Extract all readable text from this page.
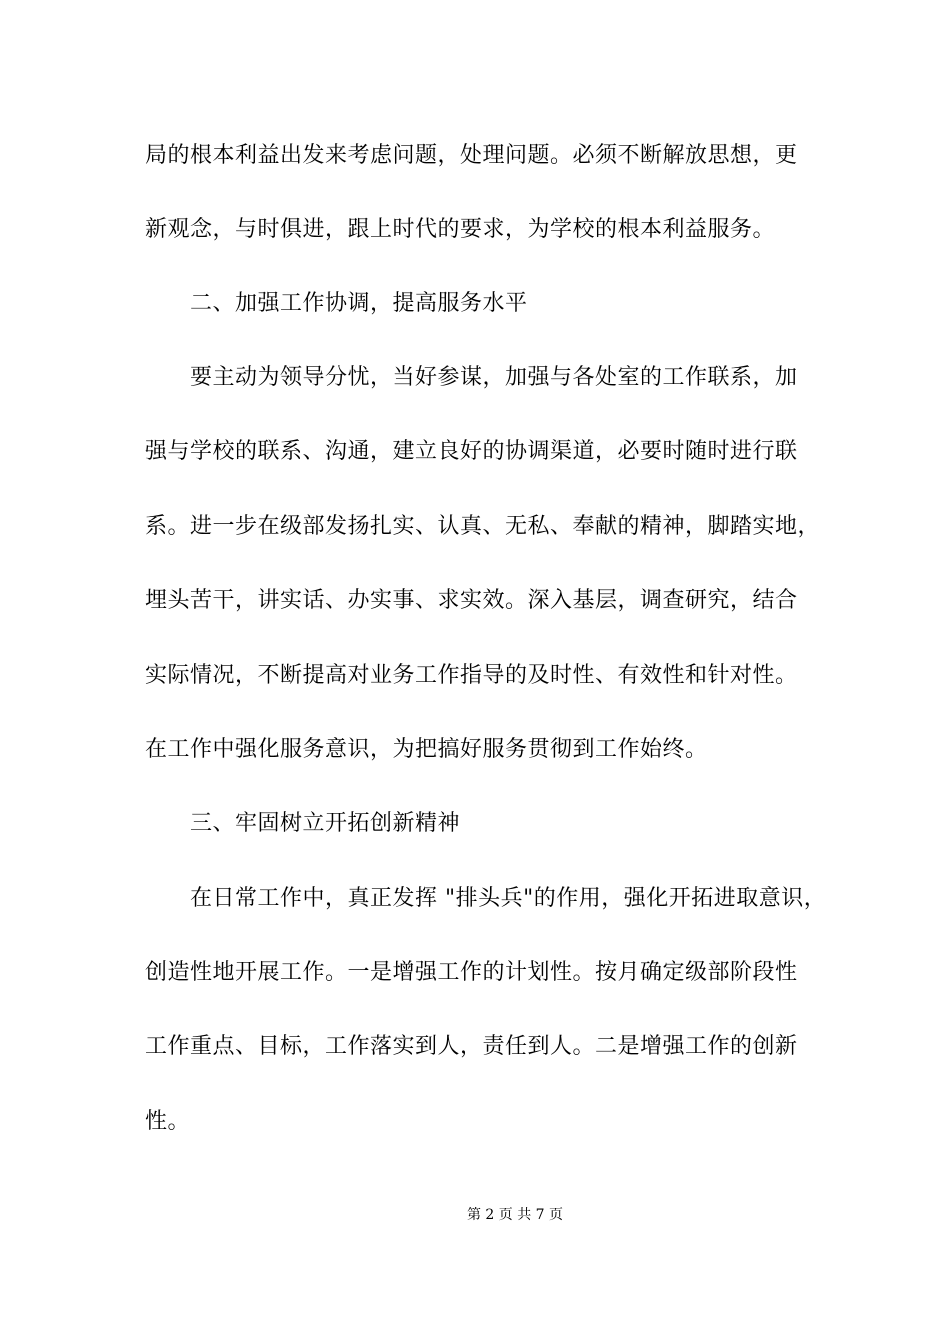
局的根本利益出发来考虑问题，处理问题。必须不断解放思想，更
新观念，与时俱进，跟上时代的要求，为学校的根本利益服务。
二、加强工作协调，提高服务水平
要主动为领导分忧，当好参谋，加强与各处室的工作联系，加
强与学校的联系、沟通，建立良好的协调渠道，必要时随时进行联
系。进一步在级部发扬扎实、认真、无私、奉献的精神，脚踏实地，
埋头苦干，讲实话、办实事、求实效。深入基层，调查研究，结合
实际情况，不断提高对业务工作指导的及时性、有效性和针对性。
在工作中强化服务意识，为把搞好服务贯彻到工作始终。
三、牢固树立开拓创新精神
在日常工作中，真正发挥 "排头兵"的作用，强化开拓进取意识，
创造性地开展工作。一是增强工作的计划性。按月确定级部阶段性
工作重点、目标，工作落实到人，责任到人。二是增强工作的创新
性。
第 2 页 共 7 页
